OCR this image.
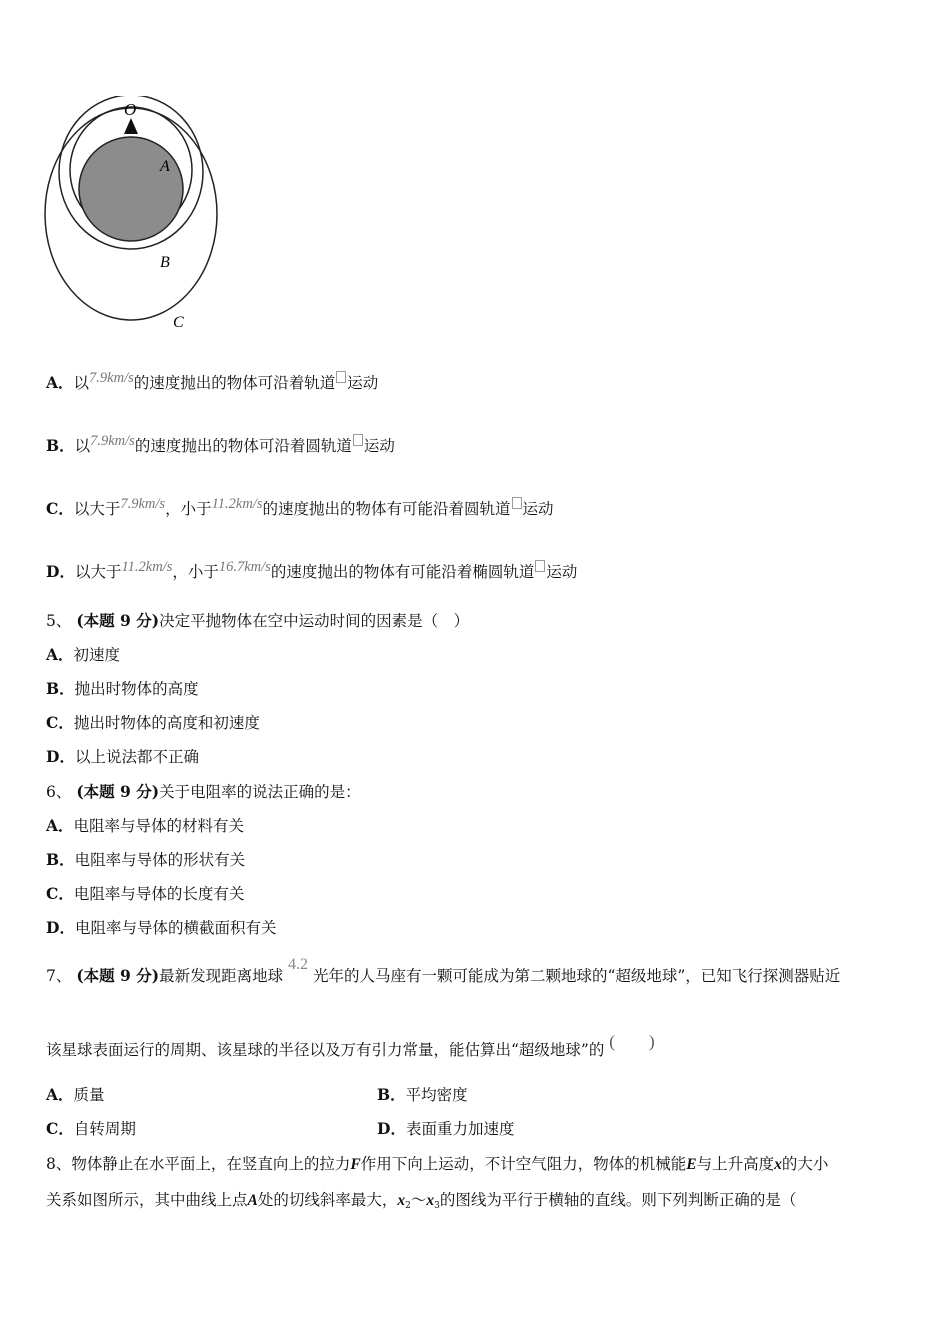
O
A
B
C
A．以7.9km/s的速度抛出的物体可沿着轨道 运动
B．以7.9km/s的速度抛出的物体可沿着圆轨道 运动
C．以大于7.9km/s，小于11.2km/s的速度抛出的物体有可能沿着圆轨道 运动
D．以大于11.2km/s，小于16.7km/s的速度抛出的物体有可能沿着椭圆轨道 运动
5、 (本题 9 分)决定平抛物体在空中运动时间的因素是（　）
A．初速度
B．抛出时物体的高度
C．抛出时物体的高度和初速度
D．以上说法都不正确
6、 (本题 9 分)关于电阻率的说法正确的是：
A．电阻率与导体的材料有关
B．电阻率与导体的形状有关
C．电阻率与导体的长度有关
D．电阻率与导体的横截面积有关
7、 (本题 9 分)最新发现距离地球 4.2 光年的人马座有一颗可能成为第二颗地球的“超级地球”，已知飞行探测器贴近
该星球表面运行的周期、该星球的半径以及万有引力常量，能估算出“超级地球”的 (　　)
A．质量	B．平均密度
C．自转周期	D．表面重力加速度
8、物体静止在水平面上，在竖直向上的拉力F作用下向上运动，不计空气阻力，物体的机械能E与上升高度x的大小
关系如图所示，其中曲线上点A处的切线斜率最大，x2～x3的图线为平行于横轴的直线。则下列判断正确的是（
